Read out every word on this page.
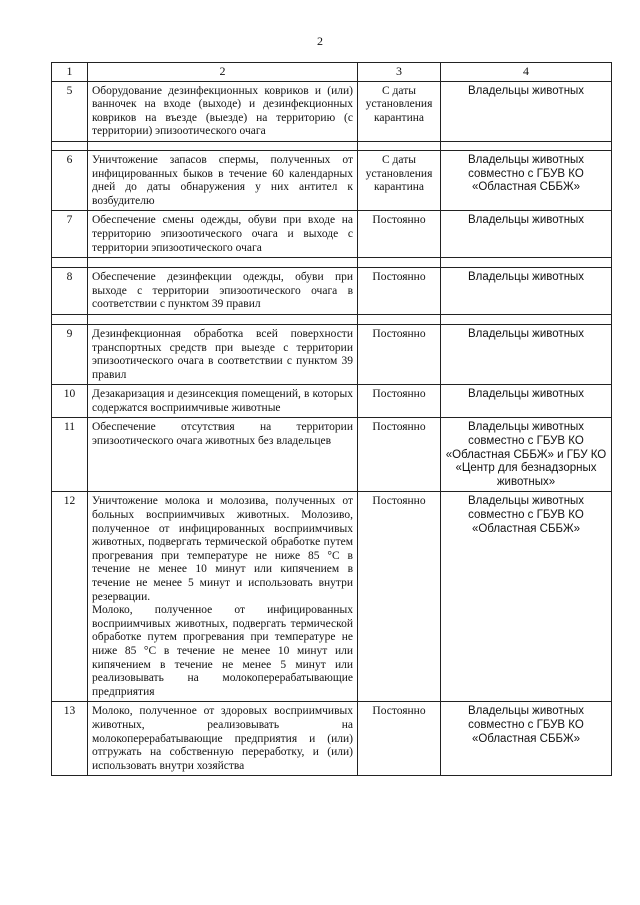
2
1	2	3	4
5	Оборудование дезинфекционных ковриков и (или) ванночек на входе (выходе) и дезинфекционных ковриков на въезде (выезде) на территорию (с территории) эпизоотического очага	С даты установления карантина	Владельцы животных

6	Уничтожение запасов спермы, полученных от инфицированных быков в течение 60 календарных дней до даты обнаружения у них антител к возбудителю	С даты установления карантина	Владельцы животных совместно с ГБУВ КО «Областная СББЖ»
7	Обеспечение смены одежды, обуви при входе на территорию эпизоотического очага и выходе с территории эпизоотического очага	Постоянно	Владельцы животных

8	Обеспечение дезинфекции одежды, обуви при выходе с территории эпизоотического очага в соответствии с пунктом 39 правил	Постоянно	Владельцы животных

9	Дезинфекционная обработка всей поверхности транспортных средств при выезде с территории эпизоотического очага в соответствии с пунктом 39 правил	Постоянно	Владельцы животных
10	Дезакаризация и дезинсекция помещений, в которых содержатся восприимчивые животные	Постоянно	Владельцы животных
11	Обеспечение отсутствия на территории эпизоотического очага животных без владельцев	Постоянно	Владельцы животных совместно с ГБУВ КО «Областная СББЖ» и ГБУ КО «Центр для безнадзорных животных»
12	Уничтожение молока и молозива, полученных от больных восприимчивых животных. Молозиво, полученное от инфицированных восприимчивых животных, подвергать термической обработке путем прогревания при температуре не ниже 85 °С в течение не менее 10 минут или кипячением в течение не менее 5 минут и использовать внутри резервации.
Молоко, полученное от инфицированных восприимчивых животных, подвергать термической обработке путем прогревания при температуре не ниже 85 °С в течение не менее 10 минут или кипячением в течение не менее 5 минут или реализовывать на молокоперерабатывающие предприятия	Постоянно	Владельцы животных совместно с ГБУВ КО «Областная СББЖ»
13	Молоко, полученное от здоровых восприимчивых животных, реализовывать на молокоперерабатывающие предприятия и (или) отгружать на собственную переработку, и (или) использовать внутри хозяйства	Постоянно	Владельцы животных совместно с ГБУВ КО «Областная СББЖ»
